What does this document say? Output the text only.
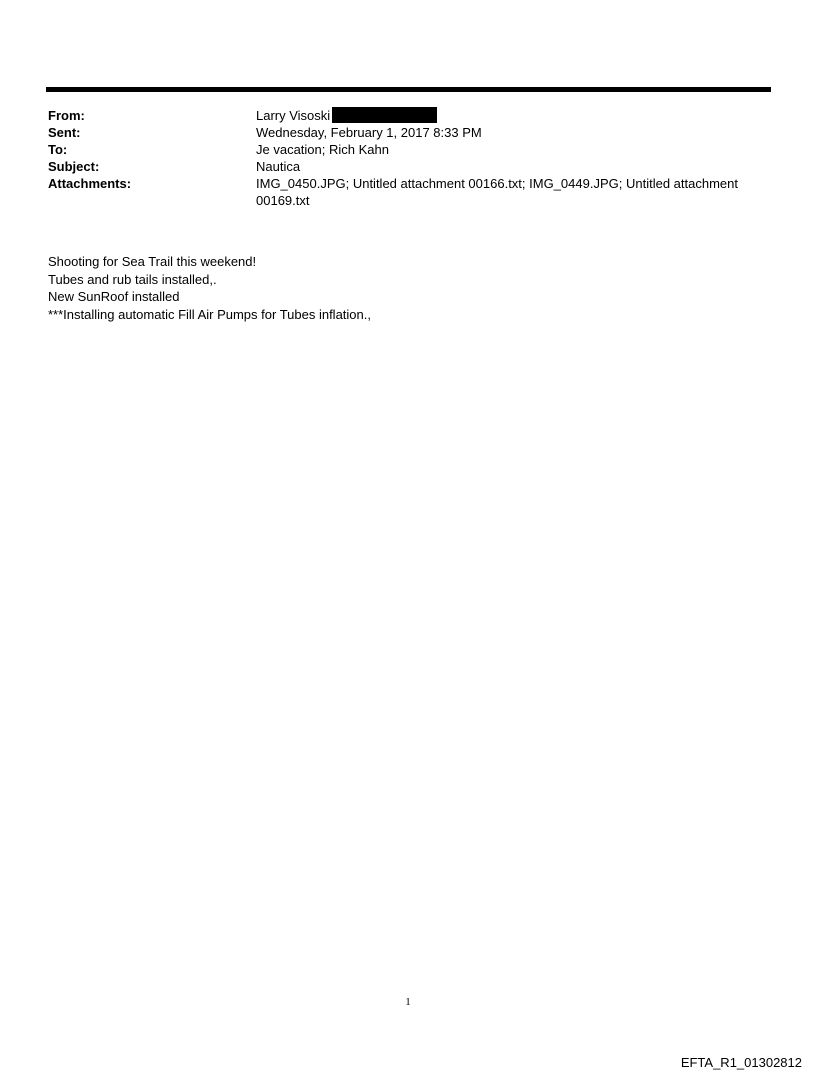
From:	Larry Visoski
Sent:	Wednesday, February 1, 2017 8:33 PM
To:	Je vacation; Rich Kahn
Subject:	Nautica
Attachments:	IMG_0450.JPG; Untitled attachment 00166.txt; IMG_0449.JPG; Untitled attachment 00169.txt
Shooting for Sea Trail this weekend!
Tubes and rub tails installed,.
New SunRoof installed
***Installing automatic Fill Air Pumps for Tubes inflation.,
1
EFTA_R1_01302812
